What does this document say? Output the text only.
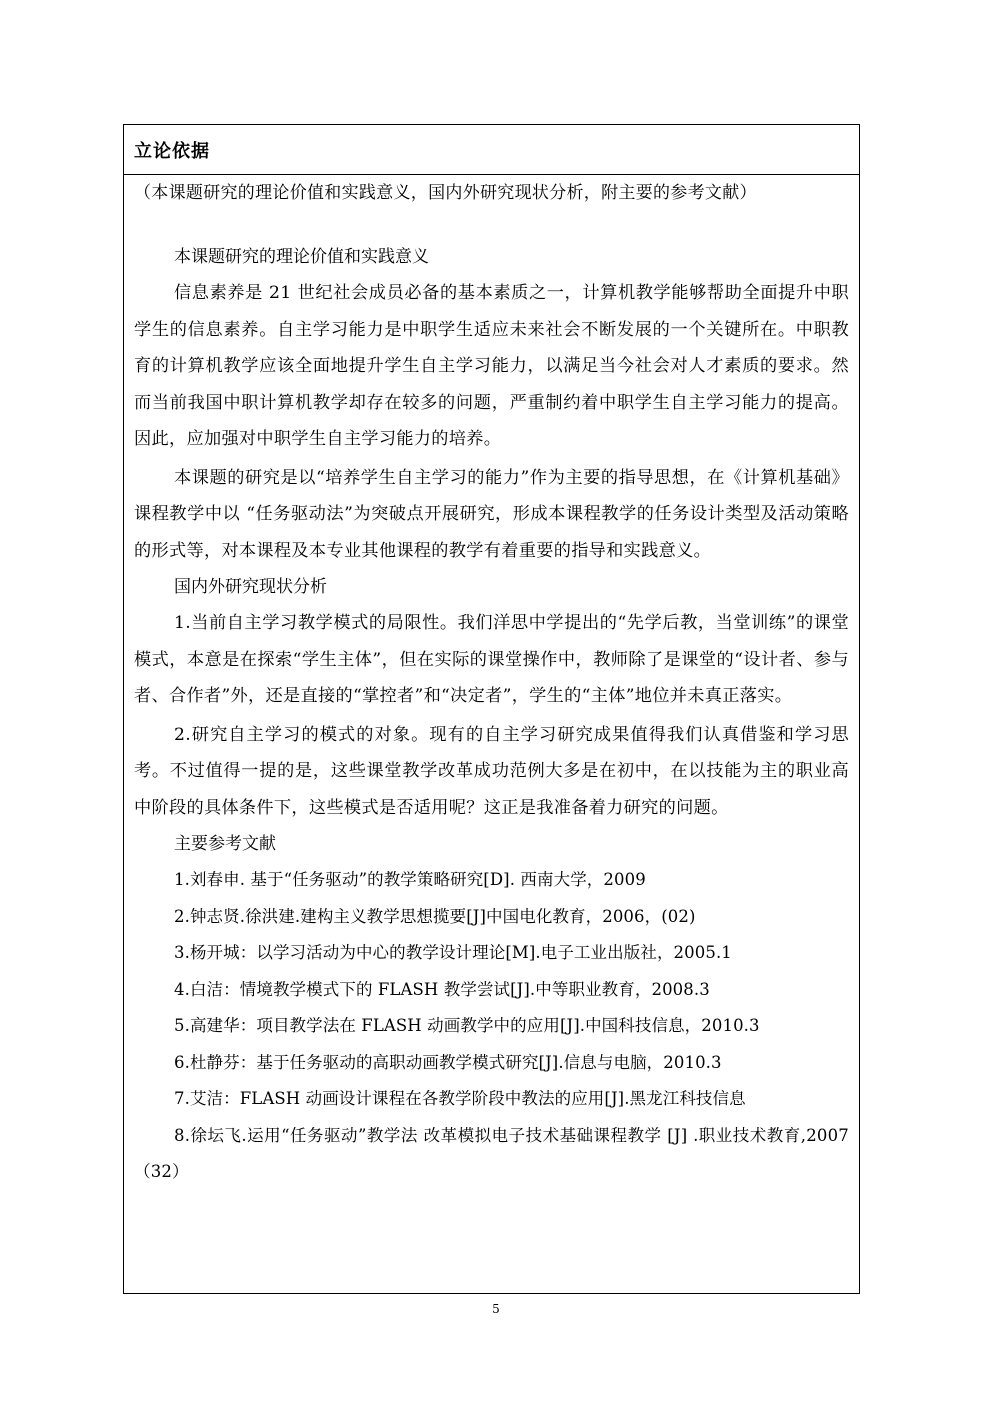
立论依据

（本课题研究的理论价值和实践意义，国内外研究现状分析，附主要的参考文献）

本课题研究的理论价值和实践意义

信息素养是 21 世纪社会成员必备的基本素质之一，计算机教学能够帮助全面提升中职学生的信息素养。自主学习能力是中职学生适应未来社会不断发展的一个关键所在。中职教育的计算机教学应该全面地提升学生自主学习能力，以满足当今社会对人才素质的要求。然而当前我国中职计算机教学却存在较多的问题，严重制约着中职学生自主学习能力的提高。因此，应加强对中职学生自主学习能力的培养。

本课题的研究是以“培养学生自主学习的能力”作为主要的指导思想，在《计算机基础》课程教学中以 “任务驱动法”为突破点开展研究，形成本课程教学的任务设计类型及活动策略的形式等，对本课程及本专业其他课程的教学有着重要的指导和实践意义。

国内外研究现状分析

1.当前自主学习教学模式的局限性。我们洋思中学提出的“先学后教，当堂训练”的课堂模式，本意是在探索“学生主体”，但在实际的课堂操作中，教师除了是课堂的“设计者、参与者、合作者”外，还是直接的“掌控者”和“决定者”，学生的“主体”地位并未真正落实。

2.研究自主学习的模式的对象。现有的自主学习研究成果值得我们认真借鉴和学习思考。不过值得一提的是，这些课堂教学改革成功范例大多是在初中，在以技能为主的职业高中阶段的具体条件下，这些模式是否适用呢？这正是我准备着力研究的问题。

主要参考文献

1.刘春申. 基于“任务驱动”的教学策略研究[D]. 西南大学，2009

2.钟志贤.徐洪建.建构主义教学思想揽要[J]中国电化教育，2006，(02)

3.杨开城：以学习活动为中心的教学设计理论[M].电子工业出版社，2005.1

4.白洁：情境教学模式下的 FLASH 教学尝试[J].中等职业教育，2008.3

5.高建华：项目教学法在 FLASH 动画教学中的应用[J].中国科技信息，2010.3

6.杜静芬：基于任务驱动的高职动画教学模式研究[J].信息与电脑，2010.3

7.艾洁：FLASH 动画设计课程在各教学阶段中教法的应用[J].黑龙江科技信息

8.徐坛飞.运用“任务驱动”教学法 改革模拟电子技术基础课程教学 [J] .职业技术教育,2007（32）

5
